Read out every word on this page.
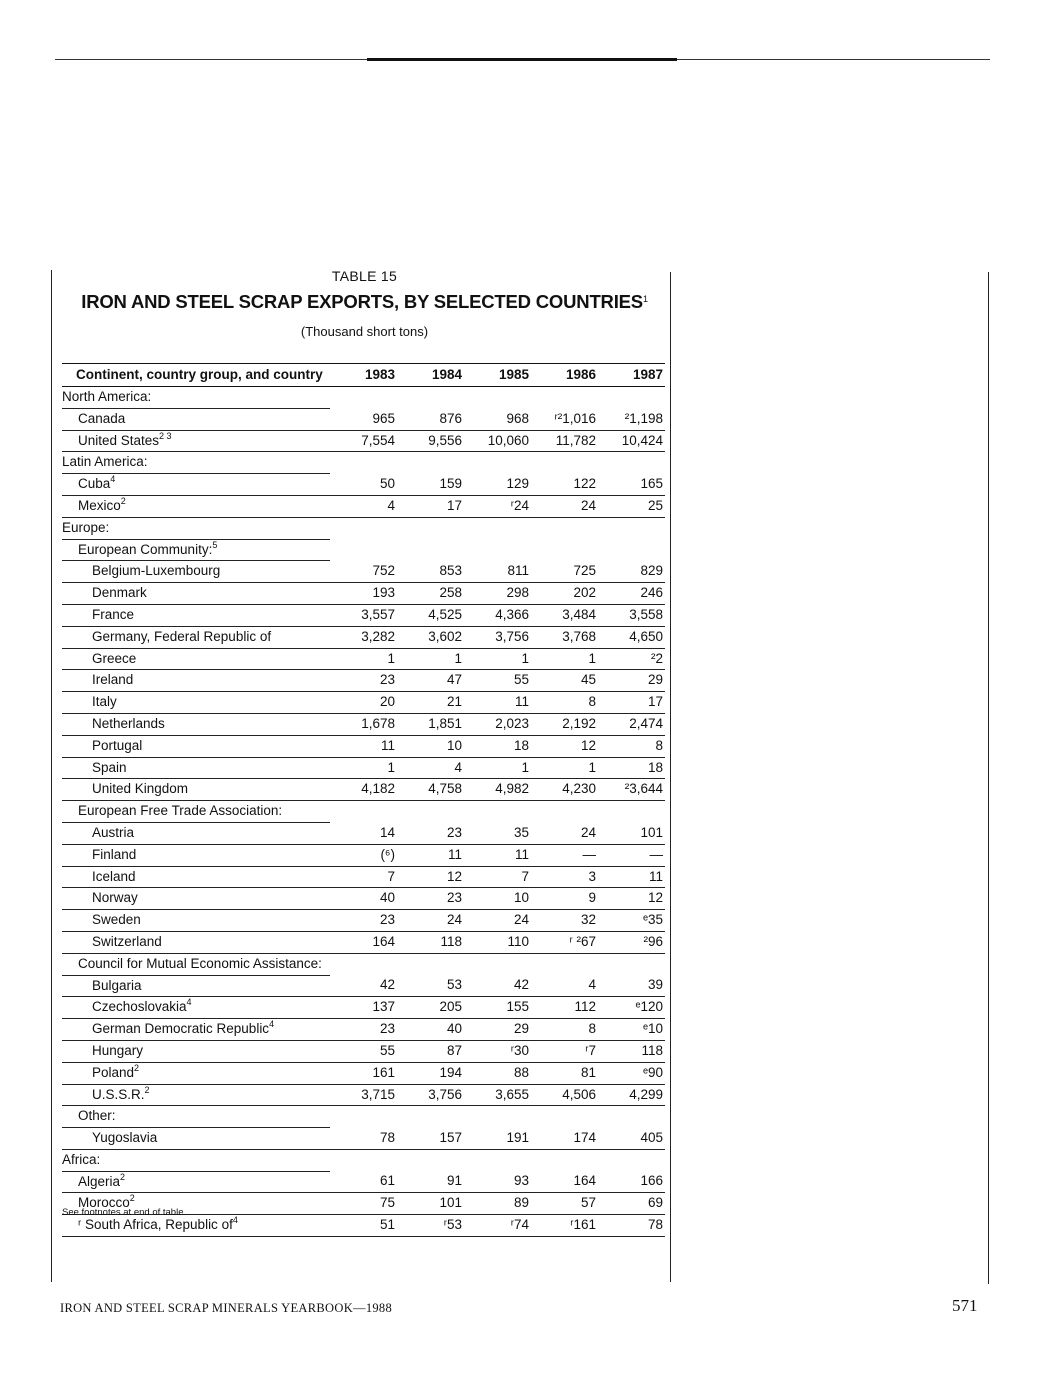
TABLE 15
IRON AND STEEL SCRAP EXPORTS, BY SELECTED COUNTRIES$^1$
(Thousand short tons)
Continent, country group, and country	1983	1984	1985	1986	1987
North America:					
Canada	965	876	968	ʳ²1,016	²1,198
United States$^{2 3}$	7,554	9,556	10,060	11,782	10,424
Latin America:					
Cuba$^4$	50	159	129	122	165
Mexico$^2$	4	17	ʳ24	24	25
Europe:					
European Community:$^5$					
Belgium-Luxembourg	752	853	811	725	829
Denmark	193	258	298	202	246
France	3,557	4,525	4,366	3,484	3,558
Germany, Federal Republic of	3,282	3,602	3,756	3,768	4,650
Greece	1	1	1	1	²2
Ireland	23	47	55	45	29
Italy	20	21	11	8	17
Netherlands	1,678	1,851	2,023	2,192	2,474
Portugal	11	10	18	12	8
Spain	1	4	1	1	18
United Kingdom	4,182	4,758	4,982	4,230	²3,644
European Free Trade Association:					
Austria	14	23	35	24	101
Finland	(⁶)	11	11	—	—
Iceland	7	12	7	3	11
Norway	40	23	10	9	12
Sweden	23	24	24	32	ᵉ35
Switzerland	164	118	110	ʳ ²67	²96
Council for Mutual Economic Assistance:					
Bulgaria	42	53	42	4	39
Czechoslovakia$^4$	137	205	155	112	ᵉ120
German Democratic Republic$^4$	23	40	29	8	ᵉ10
Hungary	55	87	ʳ30	ʳ7	118
Poland$^2$	161	194	88	81	ᵉ90
U.S.S.R.$^2$	3,715	3,756	3,655	4,506	4,299
Other:					
Yugoslavia	78	157	191	174	405
Africa:					
Algeria$^2$	61	91	93	164	166
Morocco$^2$	75	101	89	57	69
ʳ South Africa, Republic $of^4$	51	ʳ53	ʳ74	ʳ161	78
See footnotes at end of table.
IRON AND STEEL SCRAP MINERALS YEARBOOK—1988	571
